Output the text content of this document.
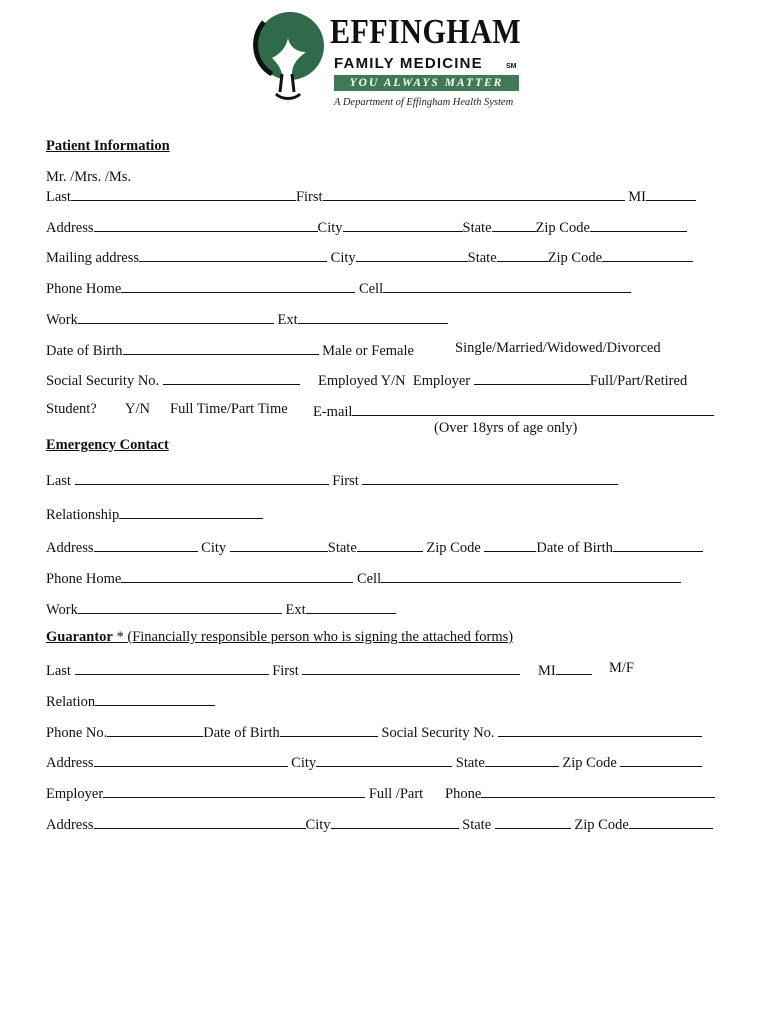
EFFINGHAM
FAMILY MEDICINE	SM
YOU ALWAYS MATTER
A Department of Effingham Health System
Patient Information
Mr. /Mrs. /Ms.
Last	First	MI
Address	City	State	Zip Code
Mailing address	City	State	Zip Code
Phone Home	Cell
Work	Ext
Date of Birth	Male or Female	Single/Married/Widowed/Divorced
Social Security No.	Employed Y/N Employer	Full/Part/Retired
Student? Y/N Full Time/Part Time E-mail
(Over 18yrs of age only)
Emergency Contact
Last	First
Relationship
Address	City	State	Zip Code	Date of Birth
Phone Home	Cell
Work	Ext
Guarantor * (Financially responsible person who is signing the attached forms)
Last	First	MI	M/F
Relation
Phone No.	Date of Birth	Social Security No.
Address	City	State	Zip Code
Employer	Full /Part Phone
Address	City	State	Zip Code
